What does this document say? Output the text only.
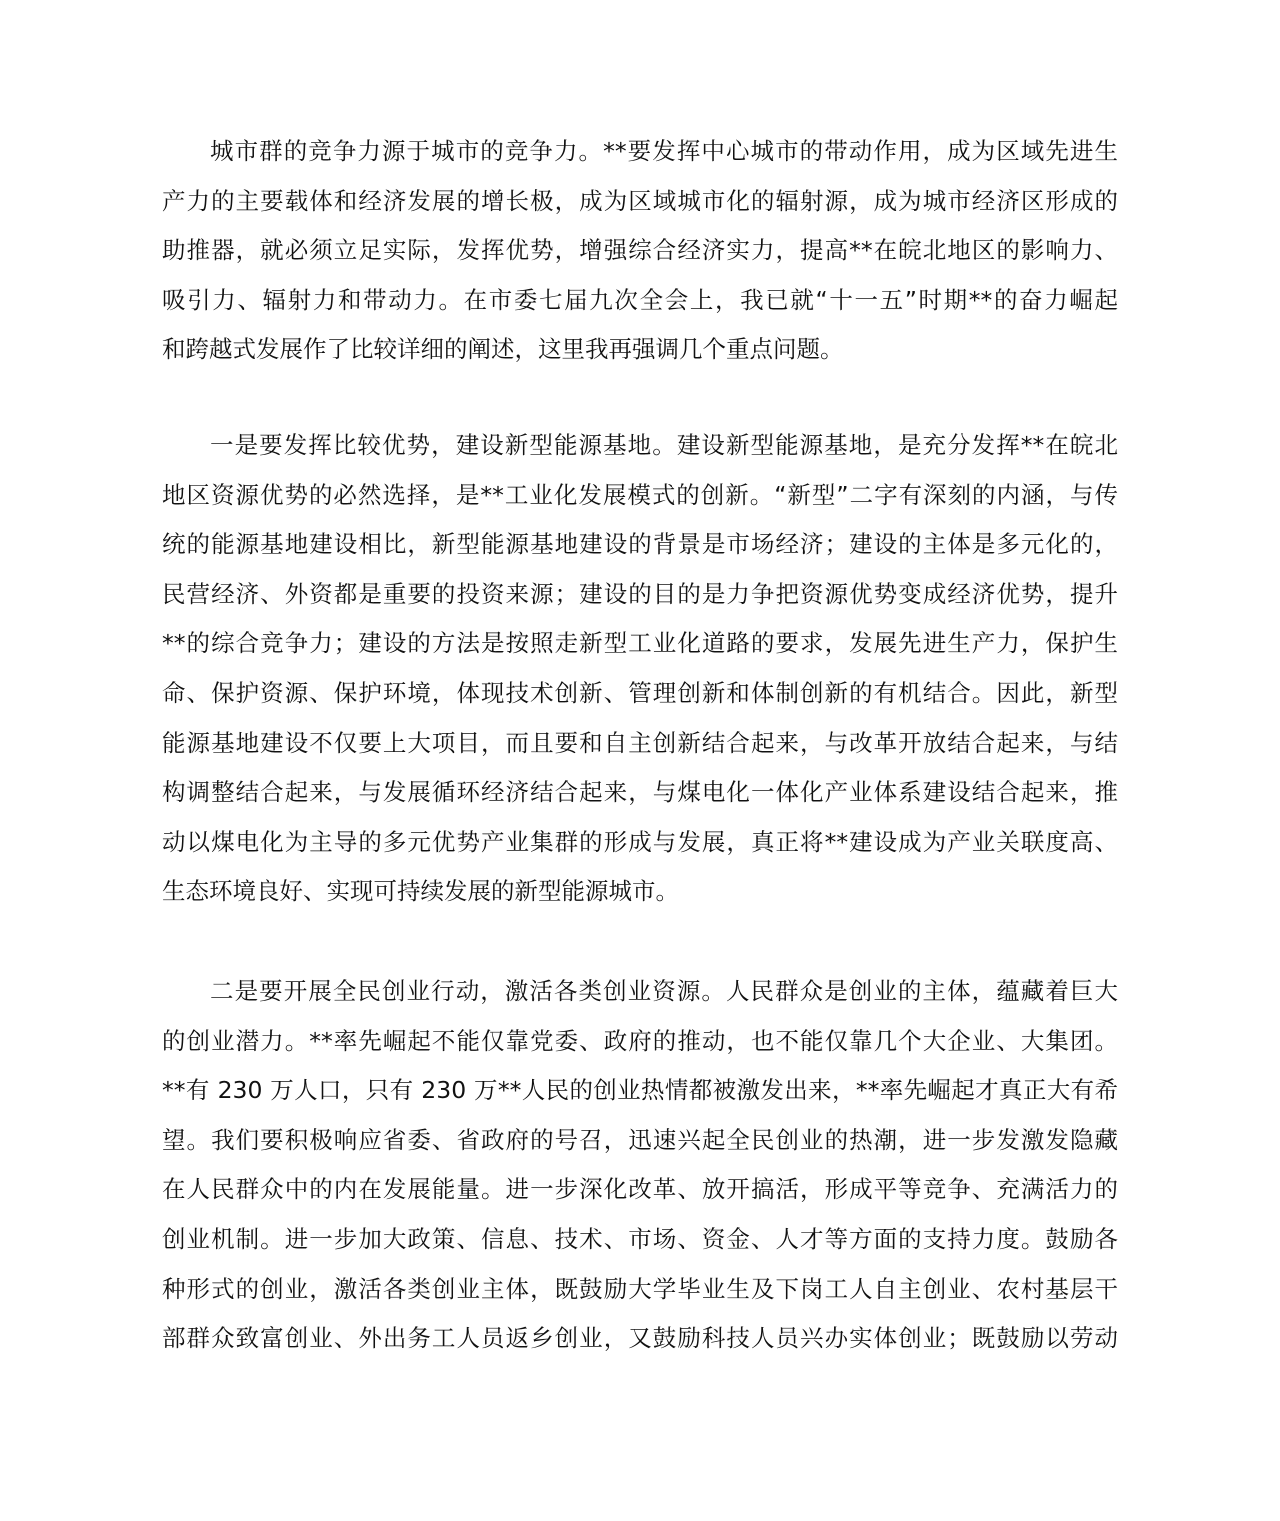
城市群的竞争力源于城市的竞争力。**要发挥中心城市的带动作用，成为区域先进生
产力的主要载体和经济发展的增长极，成为区域城市化的辐射源，成为城市经济区形成的
助推器，就必须立足实际，发挥优势，增强综合经济实力，提高**在皖北地区的影响力、
吸引力、辐射力和带动力。在市委七届九次全会上，我已就“十一五”时期**的奋力崛起
和跨越式发展作了比较详细的阐述，这里我再强调几个重点问题。
一是要发挥比较优势，建设新型能源基地。建设新型能源基地，是充分发挥**在皖北
地区资源优势的必然选择，是**工业化发展模式的创新。“新型”二字有深刻的内涵，与传
统的能源基地建设相比，新型能源基地建设的背景是市场经济；建设的主体是多元化的，
民营经济、外资都是重要的投资来源；建设的目的是力争把资源优势变成经济优势，提升
**的综合竞争力；建设的方法是按照走新型工业化道路的要求，发展先进生产力，保护生
命、保护资源、保护环境，体现技术创新、管理创新和体制创新的有机结合。因此，新型
能源基地建设不仅要上大项目，而且要和自主创新结合起来，与改革开放结合起来，与结
构调整结合起来，与发展循环经济结合起来，与煤电化一体化产业体系建设结合起来，推
动以煤电化为主导的多元优势产业集群的形成与发展，真正将**建设成为产业关联度高、
生态环境良好、实现可持续发展的新型能源城市。
二是要开展全民创业行动，激活各类创业资源。人民群众是创业的主体，蕴藏着巨大
的创业潜力。**率先崛起不能仅靠党委、政府的推动，也不能仅靠几个大企业、大集团。
**有 230 万人口，只有 230 万**人民的创业热情都被激发出来，**率先崛起才真正大有希
望。我们要积极响应省委、省政府的号召，迅速兴起全民创业的热潮，进一步发激发隐藏
在人民群众中的内在发展能量。进一步深化改革、放开搞活，形成平等竞争、充满活力的
创业机制。进一步加大政策、信息、技术、市场、资金、人才等方面的支持力度。鼓励各
种形式的创业，激活各类创业主体，既鼓励大学毕业生及下岗工人自主创业、农村基层干
部群众致富创业、外出务工人员返乡创业，又鼓励科技人员兴办实体创业；既鼓励以劳动
